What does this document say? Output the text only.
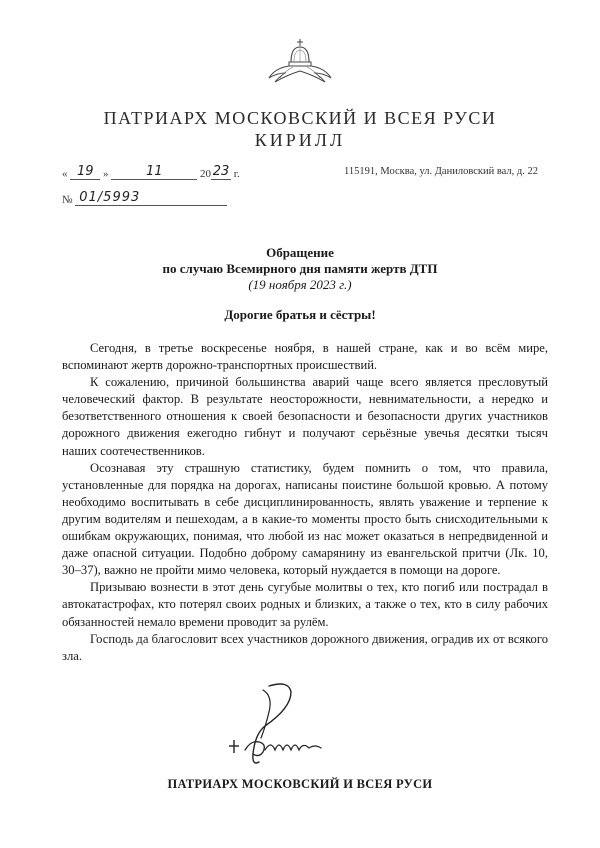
ПАТРИАРХ МОСКОВСКИЙ И ВСЕЯ РУСИ
КИРИЛЛ
« 19 »	11	20 23 г.	115191, Москва, ул. Даниловский вал, д. 22
№ 01/5993
Обращение
по случаю Всемирного дня памяти жертв ДТП
(19 ноября 2023 г.)
Дорогие братья и сёстры!

Сегодня, в третье воскресенье ноября, в нашей стране, как и во всём мире, вспоминают жертв дорожно-транспортных происшествий.

К сожалению, причиной большинства аварий чаще всего является пресловутый человеческий фактор. В результате неосторожности, невнимательности, а нередко и безответственного отношения к своей безопасности и безопасности других участников дорожного движения ежегодно гибнут и получают серьёзные увечья десятки тысяч наших соотечественников.

Осознавая эту страшную статистику, будем помнить о том, что правила, установленные для порядка на дорогах, написаны поистине большой кровью. А потому необходимо воспитывать в себе дисциплинированность, являть уважение и терпение к другим водителям и пешеходам, а в какие-то моменты просто быть снисходительными к ошибкам окружающих, понимая, что любой из нас может оказаться в непредвиденной и даже опасной ситуации. Подобно доброму самарянину из евангельской притчи (Лк. 10, 30–37), важно не пройти мимо человека, который нуждается в помощи на дороге.

Призываю вознести в этот день сугубые молитвы о тех, кто погиб или пострадал в автокатастрофах, кто потерял своих родных и близких, а также о тех, кто в силу рабочих обязанностей немало времени проводит за рулём.

Господь да благословит всех участников дорожного движения, оградив их от всякого зла.

ПАТРИАРХ МОСКОВСКИЙ И ВСЕЯ РУСИ
